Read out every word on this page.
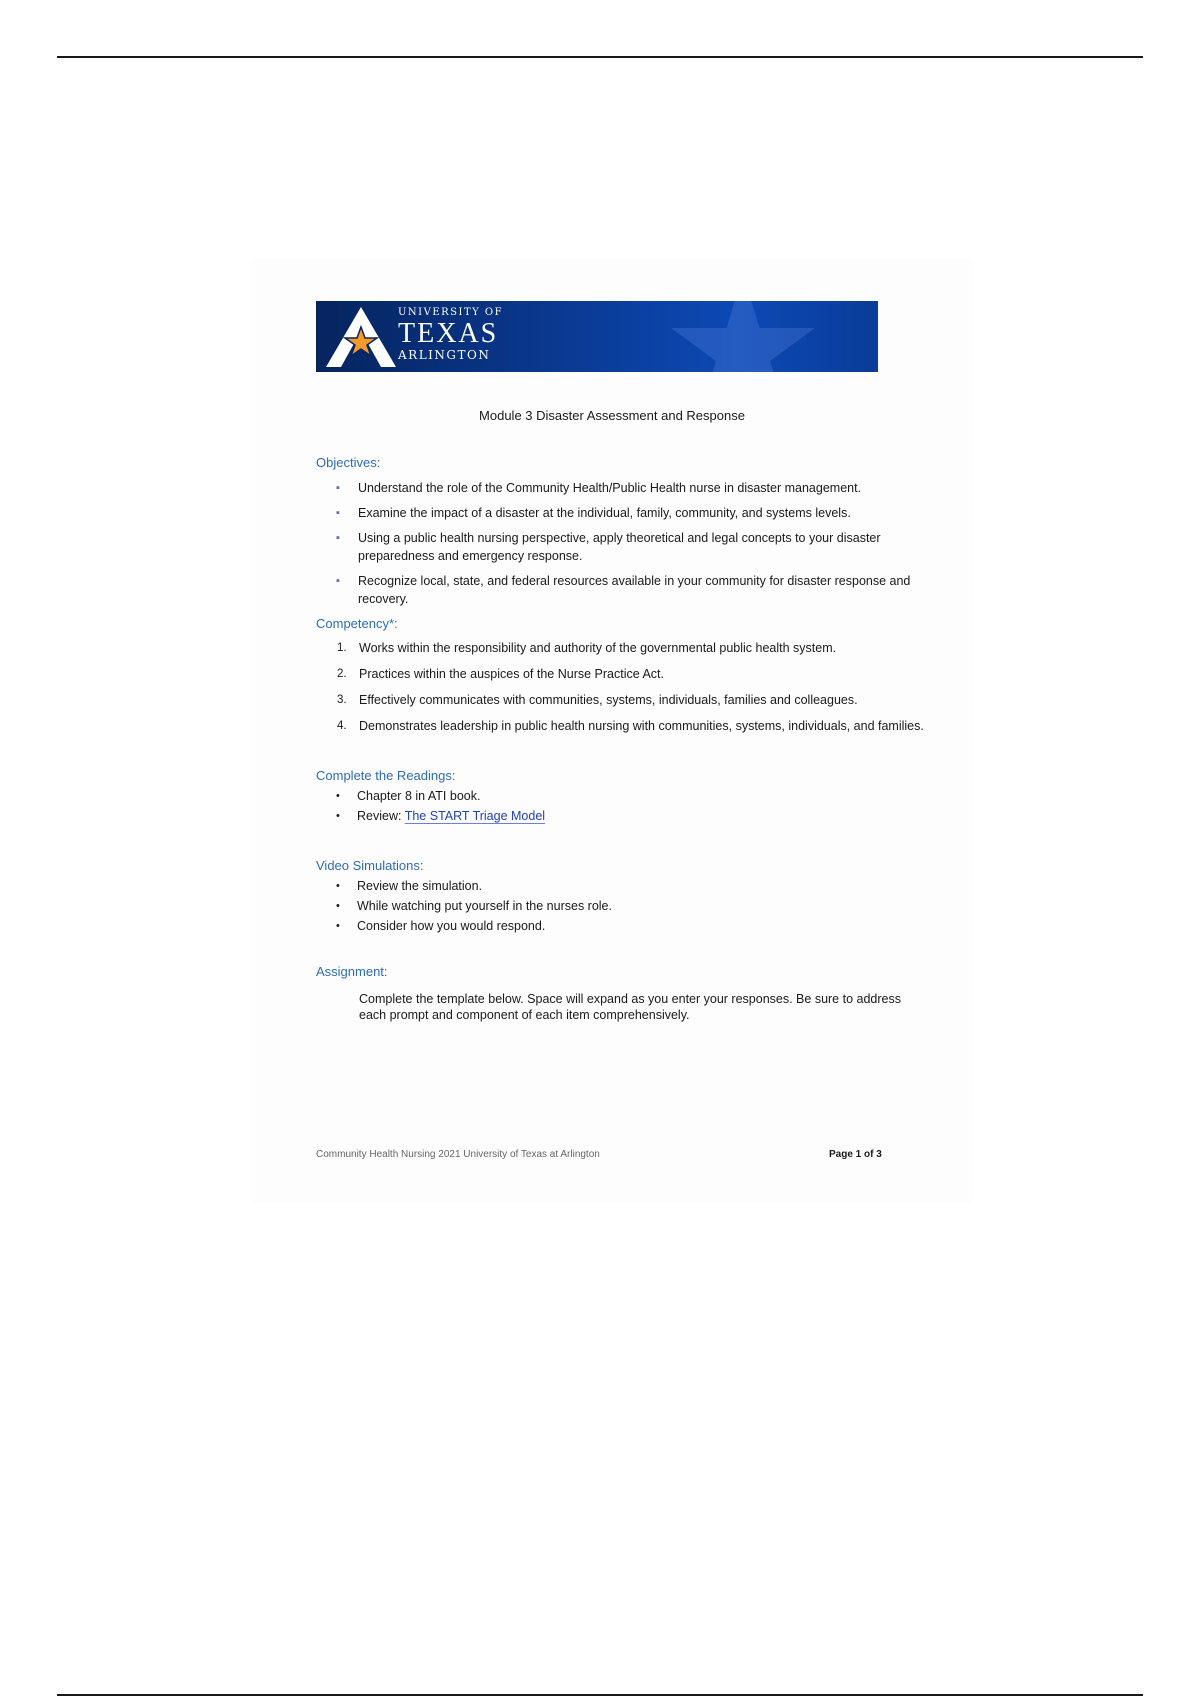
UNIVERSITY OF
TEXAS
ARLINGTON
Module 3 Disaster Assessment and Response
Objectives:
▪ Understand the role of the Community Health/Public Health nurse in disaster management.
▪ Examine the impact of a disaster at the individual, family, community, and systems levels.
▪ Using a public health nursing perspective, apply theoretical and legal concepts to your disaster preparedness and emergency response.
▪ Recognize local, state, and federal resources available in your community for disaster response and recovery.
Competency*:
1. Works within the responsibility and authority of the governmental public health system.
2. Practices within the auspices of the Nurse Practice Act.
3. Effectively communicates with communities, systems, individuals, families and colleagues.
4. Demonstrates leadership in public health nursing with communities, systems, individuals, and families.
Complete the Readings:
• Chapter 8 in ATI book.
• Review: The START Triage Model
Video Simulations:
• Review the simulation.
• While watching put yourself in the nurses role.
• Consider how you would respond.
Assignment:
Complete the template below. Space will expand as you enter your responses. Be sure to address each prompt and component of each item comprehensively.
Community Health Nursing 2021 University of Texas at Arlington	Page 1 of 3
